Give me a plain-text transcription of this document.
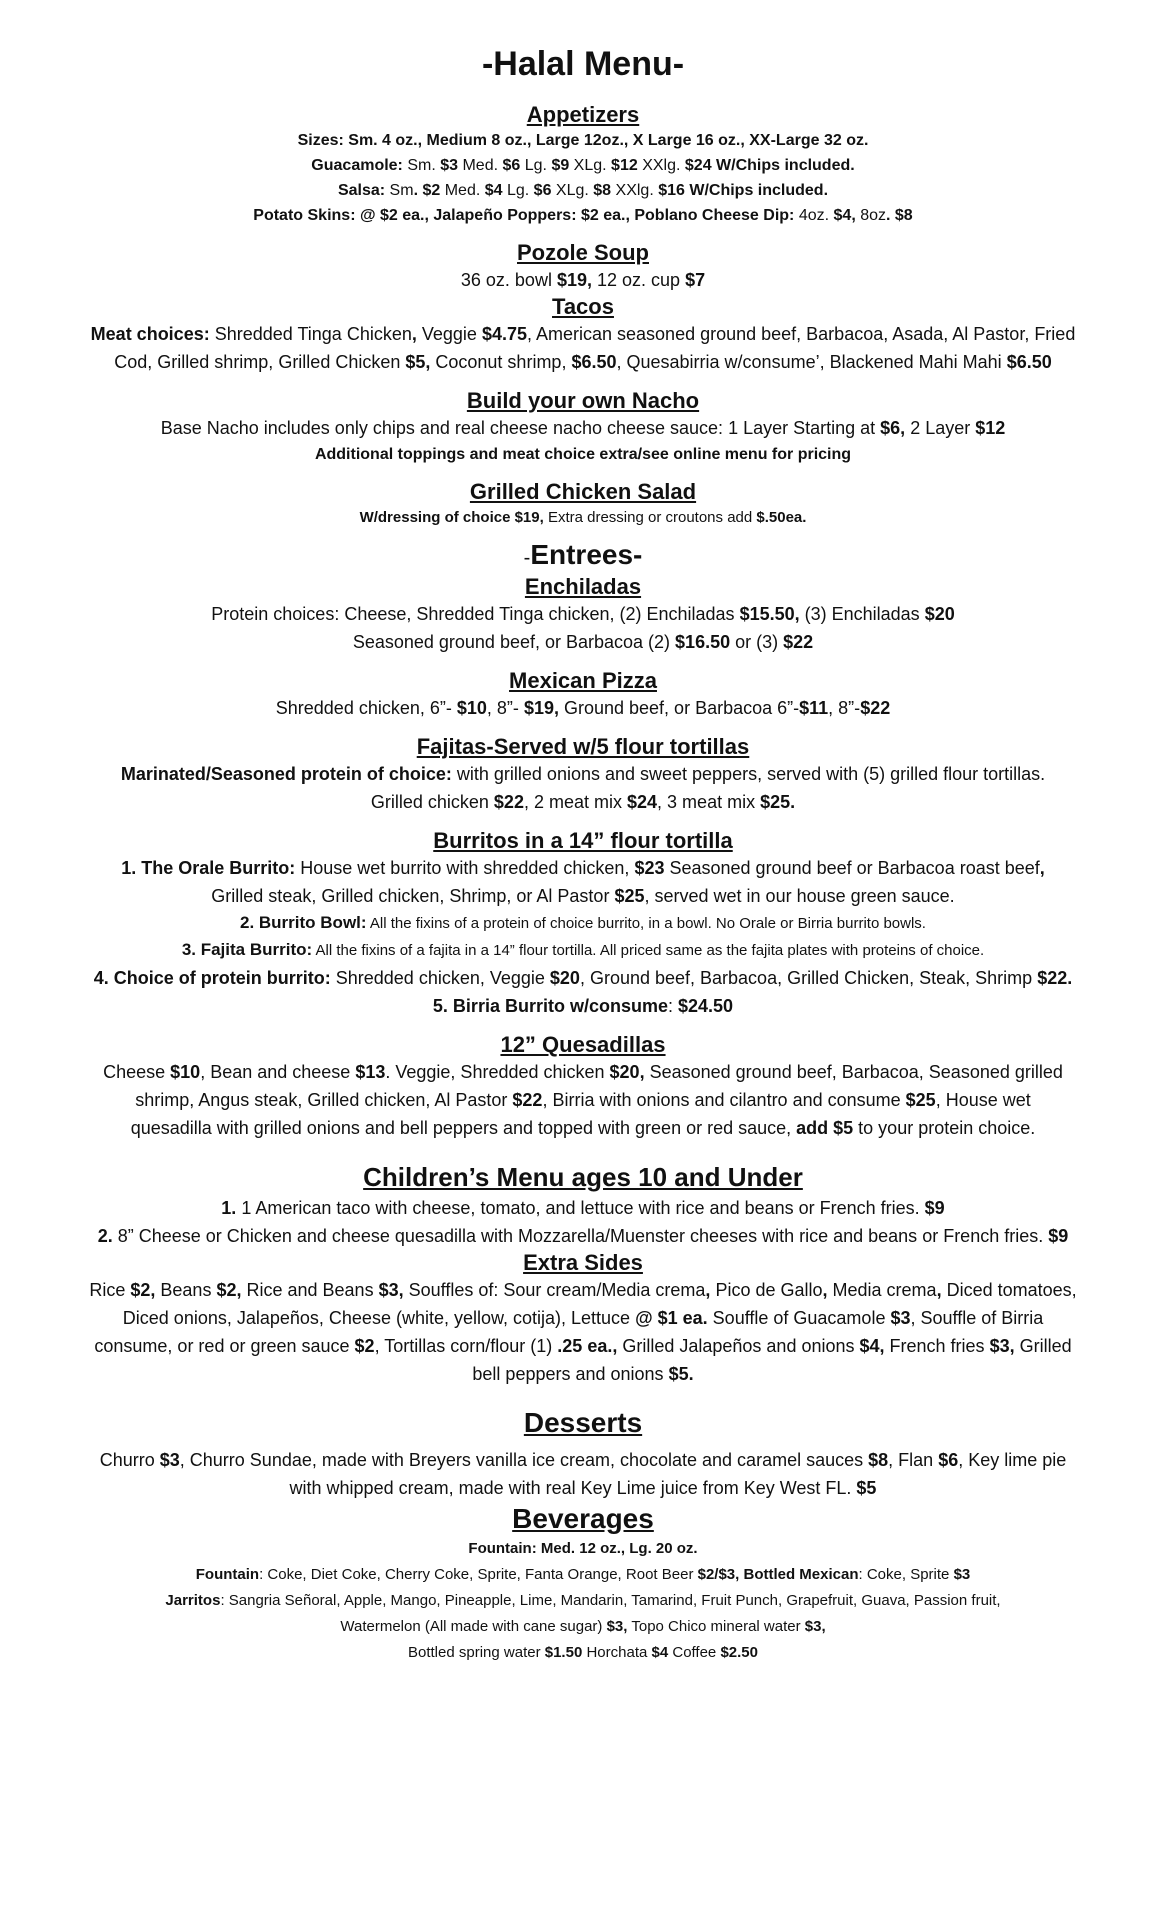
-Halal Menu-
Appetizers

Sizes: Sm. 4 oz., Medium 8 oz., Large 12oz., X Large 16 oz., XX-Large 32 oz.

Guacamole: Sm. $3 Med. $6 Lg. $9 XLg. $12 XXlg. $24 W/Chips included.

Salsa: Sm. $2 Med. $4 Lg. $6 XLg. $8 XXlg. $16 W/Chips included.

Potato Skins: @ $2 ea., Jalapeño Poppers: $2 ea., Poblano Cheese Dip: 4oz. $4, 8oz. $8

Pozole Soup

36 oz. bowl $19, 12 oz. cup $7

Tacos

Meat choices: Shredded Tinga Chicken, Veggie $4.75, American seasoned ground beef, Barbacoa, Asada, Al Pastor, Fried

Cod, Grilled shrimp, Grilled Chicken $5, Coconut shrimp, $6.50, Quesabirria w/consume’, Blackened Mahi Mahi $6.50

Build your own Nacho

Base Nacho includes only chips and real cheese nacho cheese sauce: 1 Layer Starting at $6, 2 Layer $12

Additional toppings and meat choice extra/see online menu for pricing

Grilled Chicken Salad

W/dressing of choice $19, Extra dressing or croutons add $.50ea.

-Entrees-

Enchiladas

Protein choices: Cheese, Shredded Tinga chicken, (2) Enchiladas $15.50, (3) Enchiladas $20

Seasoned ground beef, or Barbacoa (2) $16.50 or (3) $22

Mexican Pizza

Shredded chicken, 6”- $10, 8”- $19, Ground beef, or Barbacoa 6”-$11, 8”-$22

Fajitas-Served w/5 flour tortillas

Marinated/Seasoned protein of choice: with grilled onions and sweet peppers, served with (5) grilled flour tortillas.

Grilled chicken $22, 2 meat mix $24, 3 meat mix $25.

Burritos in a 14” flour tortilla

1. The Orale Burrito: House wet burrito with shredded chicken, $23 Seasoned ground beef or Barbacoa roast beef,

Grilled steak, Grilled chicken, Shrimp, or Al Pastor $25, served wet in our house green sauce.

2. Burrito Bowl: All the fixins of a protein of choice burrito, in a bowl. No Orale or Birria burrito bowls.

3. Fajita Burrito: All the fixins of a fajita in a 14” flour tortilla. All priced same as the fajita plates with proteins of choice.

4. Choice of protein burrito: Shredded chicken, Veggie $20, Ground beef, Barbacoa, Grilled Chicken, Steak, Shrimp $22.

5. Birria Burrito w/consume: $24.50

12” Quesadillas

Cheese $10, Bean and cheese $13. Veggie, Shredded chicken $20, Seasoned ground beef, Barbacoa, Seasoned grilled

shrimp, Angus steak, Grilled chicken, Al Pastor $22, Birria with onions and cilantro and consume $25, House wet

quesadilla with grilled onions and bell peppers and topped with green or red sauce, add $5 to your protein choice.

Children’s Menu ages 10 and Under

1. 1 American taco with cheese, tomato, and lettuce with rice and beans or French fries. $9

2. 8” Cheese or Chicken and cheese quesadilla with Mozzarella/Muenster cheeses with rice and beans or French fries. $9

Extra Sides

Rice $2, Beans $2, Rice and Beans $3, Souffles of: Sour cream/Media crema, Pico de Gallo, Media crema, Diced tomatoes,

Diced onions, Jalapeños, Cheese (white, yellow, cotija), Lettuce @ $1 ea. Souffle of Guacamole $3, Souffle of Birria

consume, or red or green sauce $2, Tortillas corn/flour (1) .25 ea., Grilled Jalapeños and onions $4, French fries $3, Grilled

bell peppers and onions $5.

Desserts

Churro $3, Churro Sundae, made with Breyers vanilla ice cream, chocolate and caramel sauces $8, Flan $6, Key lime pie

with whipped cream, made with real Key Lime juice from Key West FL. $5

Beverages

Fountain: Med. 12 oz., Lg. 20 oz.

Fountain: Coke, Diet Coke, Cherry Coke, Sprite, Fanta Orange, Root Beer $2/$3, Bottled Mexican: Coke, Sprite $3

Jarritos: Sangria Señoral, Apple, Mango, Pineapple, Lime, Mandarin, Tamarind, Fruit Punch, Grapefruit, Guava, Passion fruit,

Watermelon (All made with cane sugar) $3, Topo Chico mineral water $3,

Bottled spring water $1.50 Horchata $4 Coffee $2.50
